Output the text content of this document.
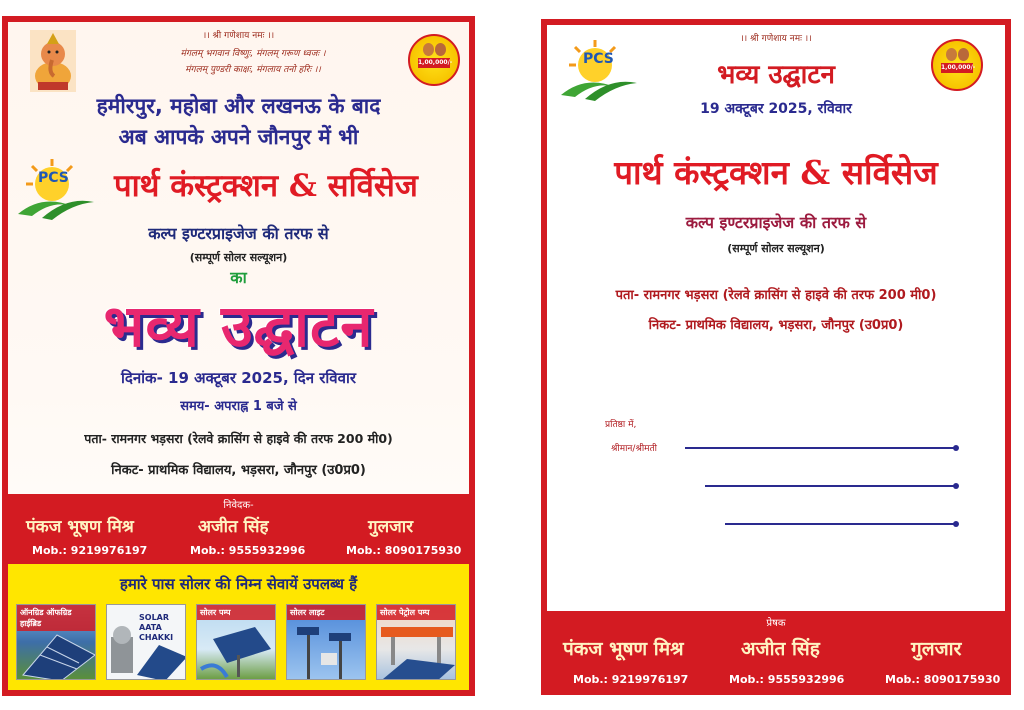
।। श्री गणेशाय नमः ।।
मंगलम् भगवान विष्णुः, मंगलम् गरूण ध्वजः ।
मंगलम् पुण्डरी काक्षः, मंगलाय तनो हरिः ।।
1,00,000/-
हमीरपुर, महोबा और लखनऊ के बाद
अब आपके अपने जौनपुर में भी
PCS पार्थ कंस्ट्रक्शन & सर्विसेज
कल्प इण्टरप्राइजेज की तरफ से
(सम्पूर्ण सोलर सल्यूशन)
का
भव्य उद्घाटन
दिनांक- 19 अक्टूबर 2025, दिन रविवार
समय- अपराह्न 1 बजे से
पता- रामनगर भड़सरा (रेलवे क्रासिंग से हाइवे की तरफ 200 मी0)
निकट- प्राथमिक विद्यालय, भड़सरा, जौनपुर (उ0प्र0)
निवेदक-
पंकज भूषण मिश्र	अजीत सिंह	गुलजार
Mob.: 9219976197	Mob.: 9555932996	Mob.: 8090175930
हमारे पास सोलर की निम्न सेवायें उपलब्ध हैं
ऑनग्रिड ऑफग्रिड हाईब्रिड
SOLAR AATA CHAKKI
सोलर पम्प	सोलर लाइट	सोलर पेट्रोल पम्प
।। श्री गणेशाय नमः ।।
PCS
1,00,000/-
भव्य उद्घाटन
19 अक्टूबर 2025, रविवार
पार्थ कंस्ट्रक्शन & सर्विसेज
कल्प इण्टरप्राइजेज की तरफ से
(सम्पूर्ण सोलर सल्यूशन)
पता- रामनगर भड़सरा (रेलवे क्रासिंग से हाइवे की तरफ 200 मी0)
निकट- प्राथमिक विद्यालय, भड़सरा, जौनपुर (उ0प्र0)
प्रतिष्ठा में,
श्रीमान/श्रीमती
प्रेषक
पंकज भूषण मिश्र	अजीत सिंह	गुलजार
Mob.: 9219976197	Mob.: 9555932996	Mob.: 8090175930
